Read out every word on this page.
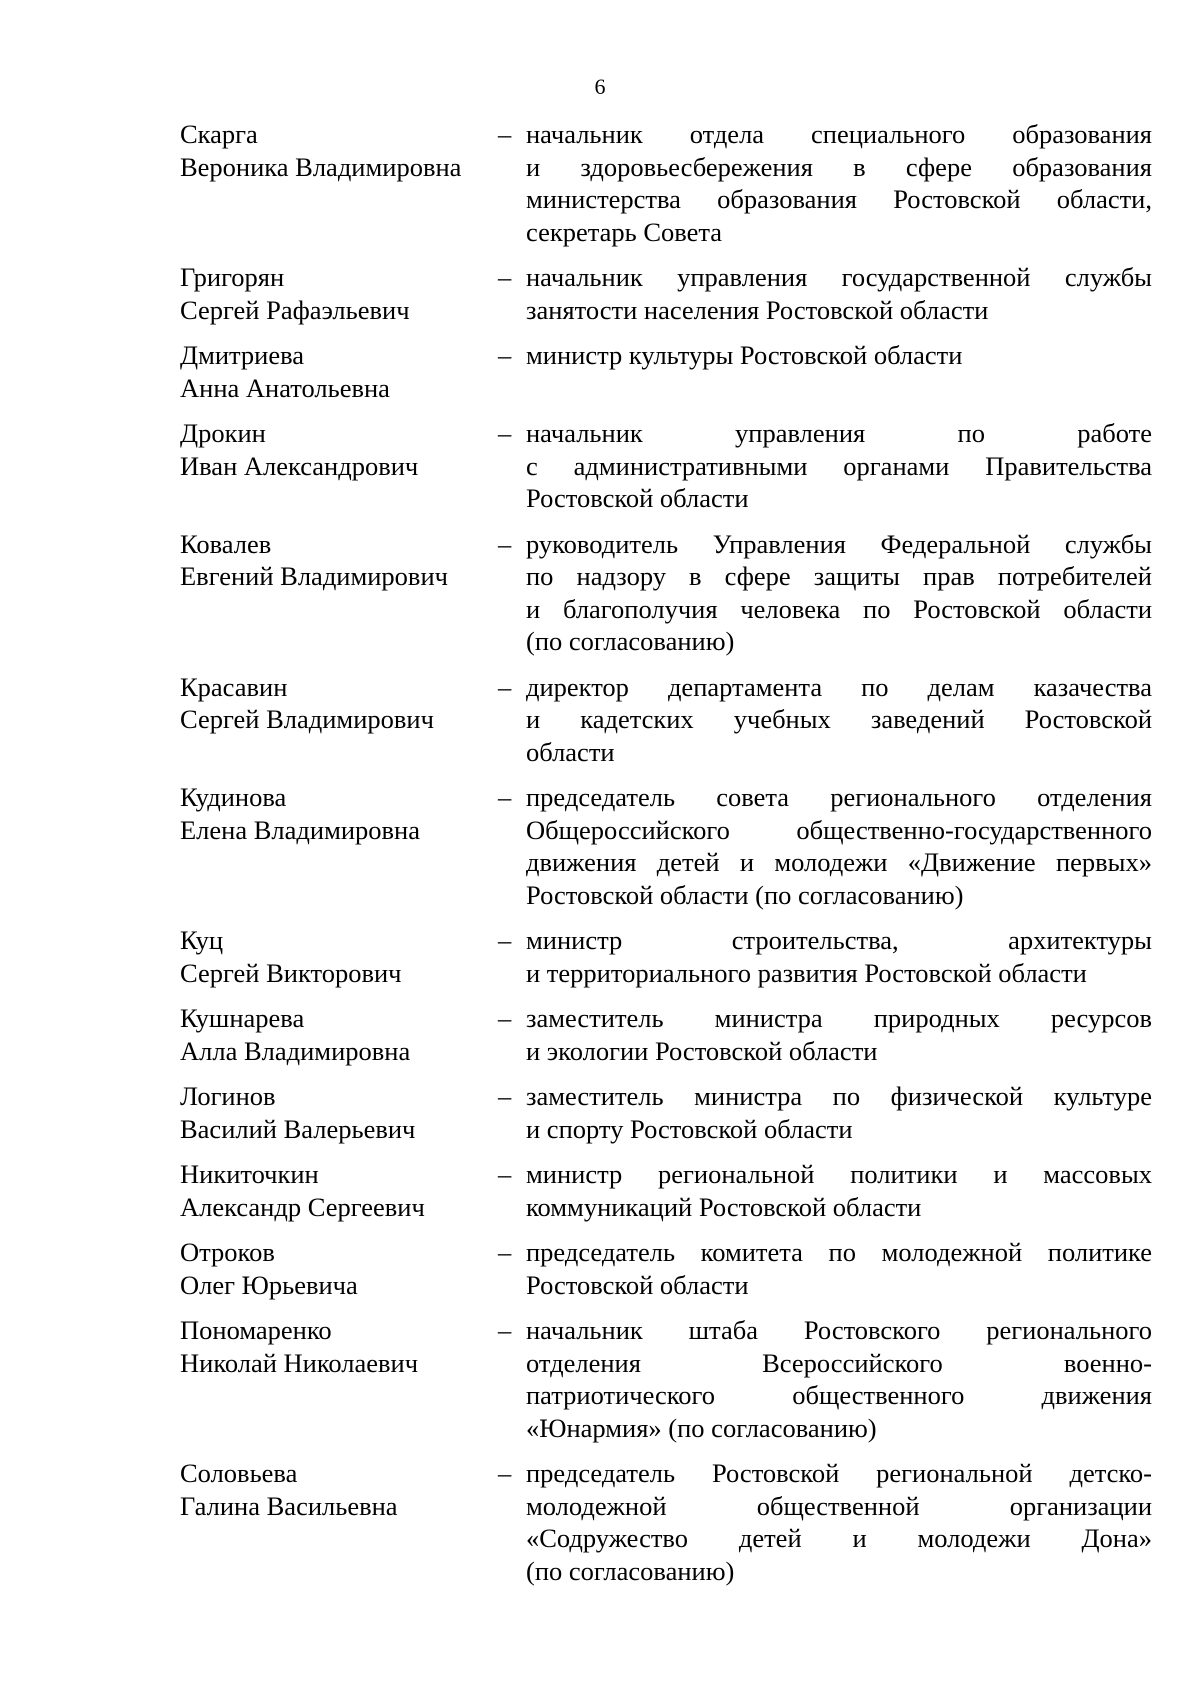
6
Скарга
Вероника Владимировна
– начальник отдела специального образования
и здоровьесбережения в сфере образования
министерства образования Ростовской области,
секретарь Совета
Григорян
Сергей Рафаэльевич
– начальник управления государственной службы
занятости населения Ростовской области
Дмитриева
Анна Анатольевна
– министр культуры Ростовской области
Дрокин
Иван Александрович
– начальник управления по работе
с административными органами Правительства
Ростовской области
Ковалев
Евгений Владимирович
– руководитель Управления Федеральной службы
по надзору в сфере защиты прав потребителей
и благополучия человека по Ростовской области
(по согласованию)
Красавин
Сергей Владимирович
– директор департамента по делам казачества
и кадетских учебных заведений Ростовской
области
Кудинова
Елена Владимировна
– председатель совета регионального отделения
Общероссийского общественно-государственного
движения детей и молодежи «Движение первых»
Ростовской области (по согласованию)
Куц
Сергей Викторович
– министр строительства, архитектуры
и территориального развития Ростовской области
Кушнарева
Алла Владимировна
– заместитель министра природных ресурсов
и экологии Ростовской области
Логинов
Василий Валерьевич
– заместитель министра по физической культуре
и спорту Ростовской области
Никиточкин
Александр Сергеевич
– министр региональной политики и массовых
коммуникаций Ростовской области
Отроков
Олег Юрьевича
– председатель комитета по молодежной политике
Ростовской области
Пономаренко
Николай Николаевич
– начальник штаба Ростовского регионального
отделения Всероссийского военно-
патриотического общественного движения
«Юнармия» (по согласованию)
Соловьева
Галина Васильевна
– председатель Ростовской региональной детско-
молодежной общественной организации
«Содружество детей и молодежи Дона»
(по согласованию)
